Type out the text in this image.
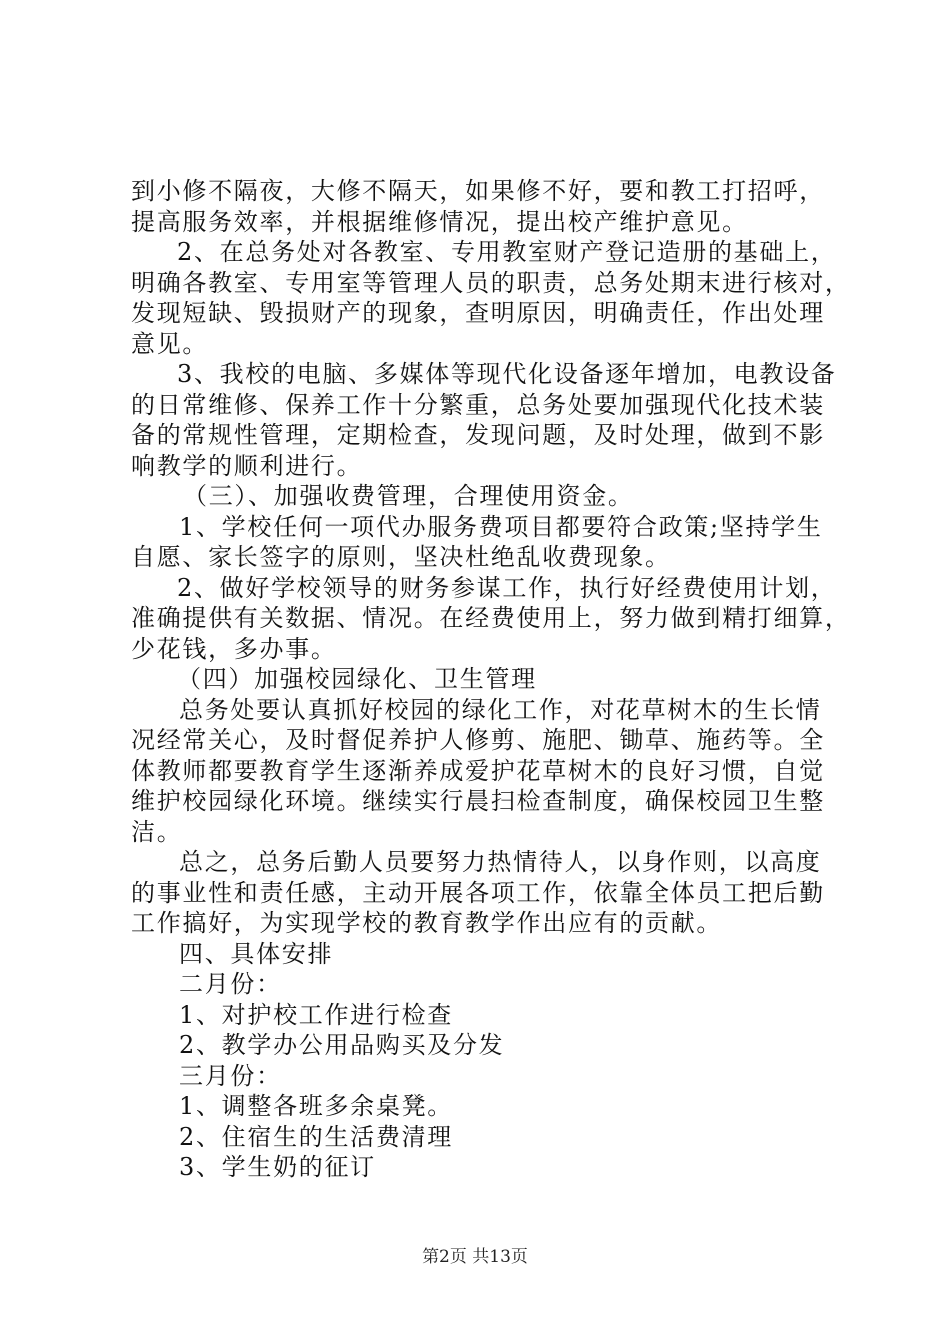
到小修不隔夜，大修不隔天，如果修不好，要和教工打招呼，
提高服务效率，并根据维修情况，提出校产维护意见。
2、在总务处对各教室、专用教室财产登记造册的基础上，
明确各教室、专用室等管理人员的职责，总务处期末进行核对，
发现短缺、毁损财产的现象，查明原因，明确责任，作出处理
意见。
3、我校的电脑、多媒体等现代化设备逐年增加，电教设备
的日常维修、保养工作十分繁重，总务处要加强现代化技术装
备的常规性管理，定期检查，发现问题，及时处理，做到不影
响教学的顺利进行。
（三）、加强收费管理，合理使用资金。
1、学校任何一项代办服务费项目都要符合政策;坚持学生
自愿、家长签字的原则，坚决杜绝乱收费现象。
2、做好学校领导的财务参谋工作，执行好经费使用计划，
准确提供有关数据、情况。在经费使用上，努力做到精打细算，
少花钱，多办事。
（四）加强校园绿化、卫生管理
总务处要认真抓好校园的绿化工作，对花草树木的生长情
况经常关心，及时督促养护人修剪、施肥、锄草、施药等。全
体教师都要教育学生逐渐养成爱护花草树木的良好习惯，自觉
维护校园绿化环境。继续实行晨扫检查制度，确保校园卫生整
洁。
总之，总务后勤人员要努力热情待人，以身作则，以高度
的事业性和责任感，主动开展各项工作，依靠全体员工把后勤
工作搞好，为实现学校的教育教学作出应有的贡献。
四、具体安排
二月份：
1、对护校工作进行检查
2、教学办公用品购买及分发
三月份：
1、调整各班多余桌凳。
2、住宿生的生活费清理
3、学生奶的征订
第2页 共13页
